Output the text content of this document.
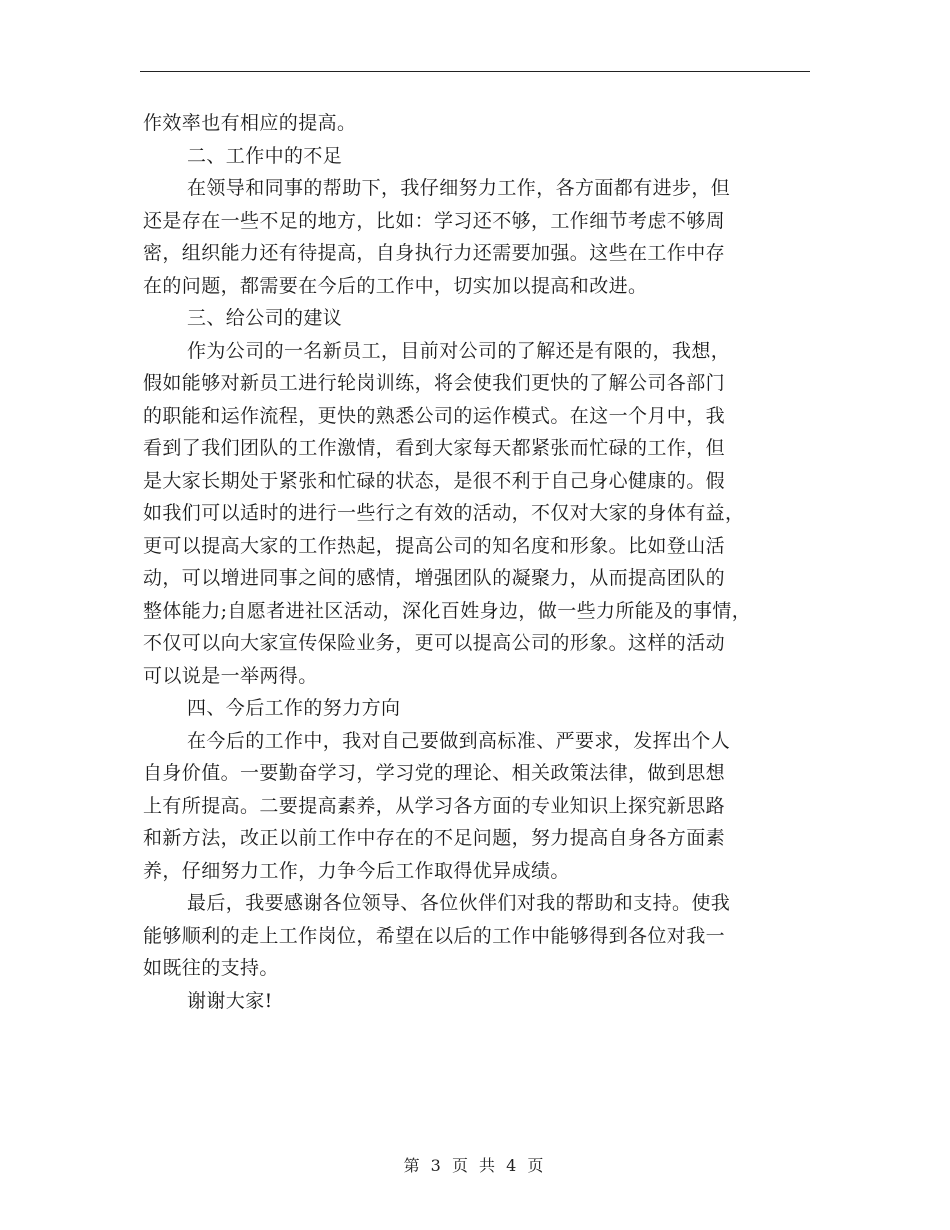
作效率也有相应的提高。
二、工作中的不足
在领导和同事的帮助下，我仔细努力工作，各方面都有进步，但
还是存在一些不足的地方，比如：学习还不够，工作细节考虑不够周
密，组织能力还有待提高，自身执行力还需要加强。这些在工作中存
在的问题，都需要在今后的工作中，切实加以提高和改进。
三、给公司的建议
作为公司的一名新员工，目前对公司的了解还是有限的，我想，
假如能够对新员工进行轮岗训练，将会使我们更快的了解公司各部门
的职能和运作流程，更快的熟悉公司的运作模式。在这一个月中，我
看到了我们团队的工作激情，看到大家每天都紧张而忙碌的工作，但
是大家长期处于紧张和忙碌的状态，是很不利于自己身心健康的。假
如我们可以适时的进行一些行之有效的活动，不仅对大家的身体有益，
更可以提高大家的工作热起，提高公司的知名度和形象。比如登山活
动，可以增进同事之间的感情，增强团队的凝聚力，从而提高团队的
整体能力;自愿者进社区活动，深化百姓身边，做一些力所能及的事情，
不仅可以向大家宣传保险业务，更可以提高公司的形象。这样的活动
可以说是一举两得。
四、今后工作的努力方向
在今后的工作中，我对自己要做到高标准、严要求，发挥出个人
自身价值。一要勤奋学习，学习党的理论、相关政策法律，做到思想
上有所提高。二要提高素养，从学习各方面的专业知识上探究新思路
和新方法，改正以前工作中存在的不足问题，努力提高自身各方面素
养，仔细努力工作，力争今后工作取得优异成绩。
最后，我要感谢各位领导、各位伙伴们对我的帮助和支持。使我
能够顺利的走上工作岗位，希望在以后的工作中能够得到各位对我一
如既往的支持。
谢谢大家!
第 3 页 共 4 页
